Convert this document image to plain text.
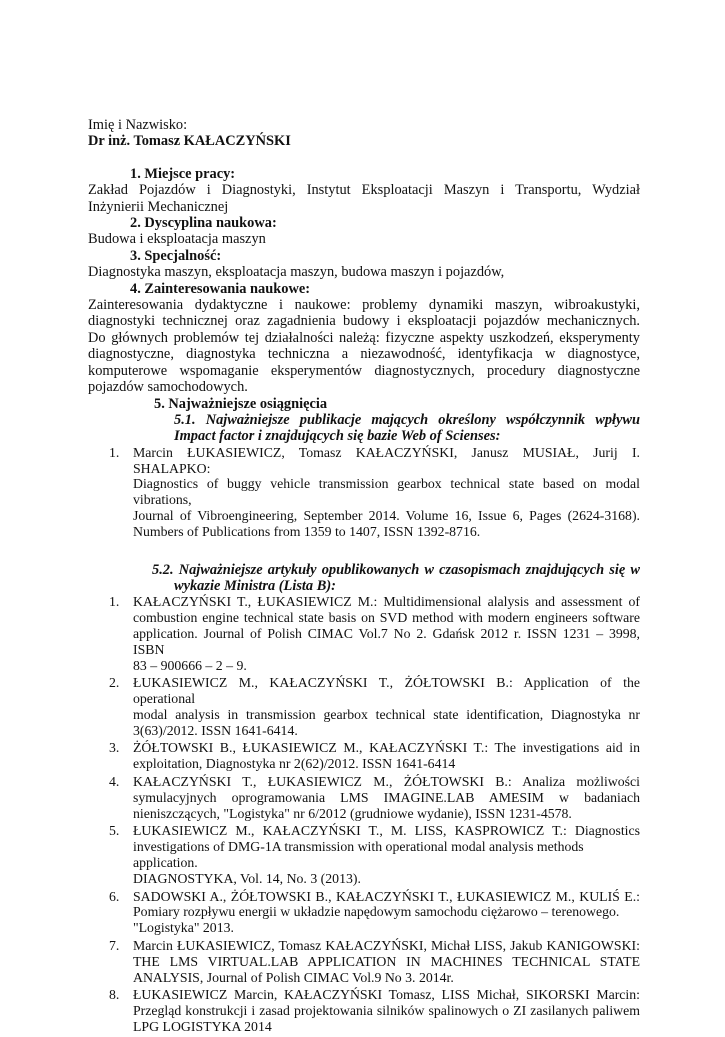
Imię i Nazwisko:

Dr inż. Tomasz KAŁACZYŃSKI

1. Miejsce pracy:

Zakład Pojazdów i Diagnostyki, Instytut Eksploatacji Maszyn i Transportu, Wydział

Inżynierii Mechanicznej

2. Dyscyplina naukowa:

Budowa i eksploatacja maszyn

3. Specjalność:

Diagnostyka maszyn, eksploatacja maszyn, budowa maszyn i pojazdów,

4. Zainteresowania naukowe:

Zainteresowania dydaktyczne i naukowe: problemy dynamiki maszyn, wibroakustyki,

diagnostyki technicznej oraz zagadnienia budowy i eksploatacji pojazdów mechanicznych.

Do głównych problemów tej działalności należą: fizyczne aspekty uszkodzeń, eksperymenty

diagnostyczne, diagnostyka techniczna a niezawodność, identyfikacja w diagnostyce,

komputerowe wspomaganie eksperymentów diagnostycznych, procedury diagnostyczne

pojazdów samochodowych.

5. Najważniejsze osiągnięcia

5.1. Najważniejsze publikacje mających określony współczynnik wpływu

Impact factor i znajdujących się bazie Web of Scienses:

1. Marcin ŁUKASIEWICZ, Tomasz KAŁACZYŃSKI, Janusz MUSIAŁ, Jurij I. SHALAPKO:
Diagnostics of buggy vehicle transmission gearbox technical state based on modal vibrations,
Journal of Vibroengineering, September 2014. Volume 16, Issue 6, Pages (2624-3168).
Numbers of Publications from 1359 to 1407, ISSN 1392-8716.

5.2. Najważniejsze artykuły opublikowanych w czasopismach znajdujących się w

wykazie Ministra (Lista B):

1. KAŁACZYŃSKI T., ŁUKASIEWICZ M.: Multidimensional alalysis and assessment of
combustion engine technical state basis on SVD method with modern engineers software
application. Journal of Polish CIMAC Vol.7 No 2. Gdańsk 2012 r. ISSN 1231 – 3998, ISBN
83 – 900666 – 2 – 9.
2. ŁUKASIEWICZ M., KAŁACZYŃSKI T., ŻÓŁTOWSKI B.: Application of the operational
modal analysis in transmission gearbox technical state identification, Diagnostyka nr
3(63)/2012. ISSN 1641-6414.
3. ŻÓŁTOWSKI B., ŁUKASIEWICZ M., KAŁACZYŃSKI T.: The investigations aid in
exploitation, Diagnostyka nr 2(62)/2012. ISSN 1641-6414
4. KAŁACZYŃSKI T., ŁUKASIEWICZ M., ŻÓŁTOWSKI B.: Analiza możliwości
symulacyjnych oprogramowania LMS IMAGINE.LAB AMESIM w badaniach
nieniszczących, "Logistyka" nr 6/2012 (grudniowe wydanie), ISSN 1231-4578.
5. ŁUKASIEWICZ M., KAŁACZYŃSKI T., M. LISS, KASPROWICZ T.: Diagnostics
investigations of DMG-1A transmission with operational modal analysis methods application.
DIAGNOSTYKA, Vol. 14, No. 3 (2013).
6. SADOWSKI A., ŻÓŁTOWSKI B., KAŁACZYŃSKI T., ŁUKASIEWICZ M., KULIŚ E.:
Pomiary rozpływu energii w układzie napędowym samochodu ciężarowo – terenowego.
"Logistyka" 2013.
7. Marcin ŁUKASIEWICZ, Tomasz KAŁACZYŃSKI, Michał LISS, Jakub KANIGOWSKI:
THE LMS VIRTUAL.LAB APPLICATION IN MACHINES TECHNICAL STATE
ANALYSIS, Journal of Polish CIMAC Vol.9 No 3. 2014r.
8. ŁUKASIEWICZ Marcin, KAŁACZYŃSKI Tomasz, LISS Michał, SIKORSKI Marcin:
Przegląd konstrukcji i zasad projektowania silników spalinowych o ZI zasilanych paliwem
LPG LOGISTYKA 2014
